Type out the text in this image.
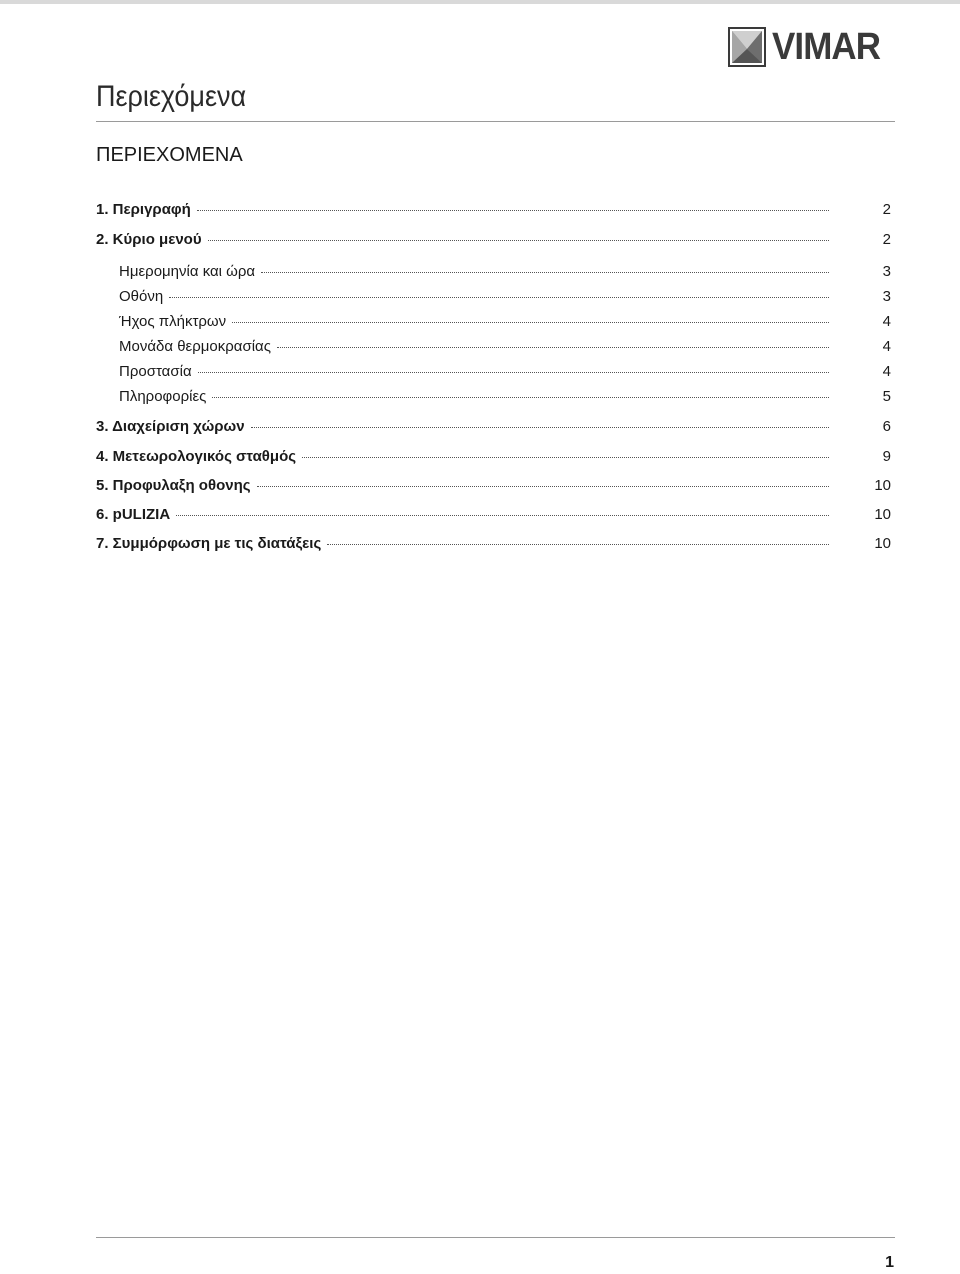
VIMAR
Περιεχόμενα
ΠΕΡΙΕΧΟΜΕΝΑ
1. Περιγραφή	2
2. Κύριο μενού	2
Ημερομηνία και ώρα	3
Οθόνη	3
Ήχος πλήκτρων	4
Μονάδα θερμοκρασίας	4
Προστασία	4
Πληροφορίες	5
3. Διαχείριση χώρων	6
4. Μετεωρολογικός σταθμός	9
5. Προφυλαξη οθονης	10
6. pULIZIA	10
7. Συμμόρφωση με τις διατάξεις	10
1
